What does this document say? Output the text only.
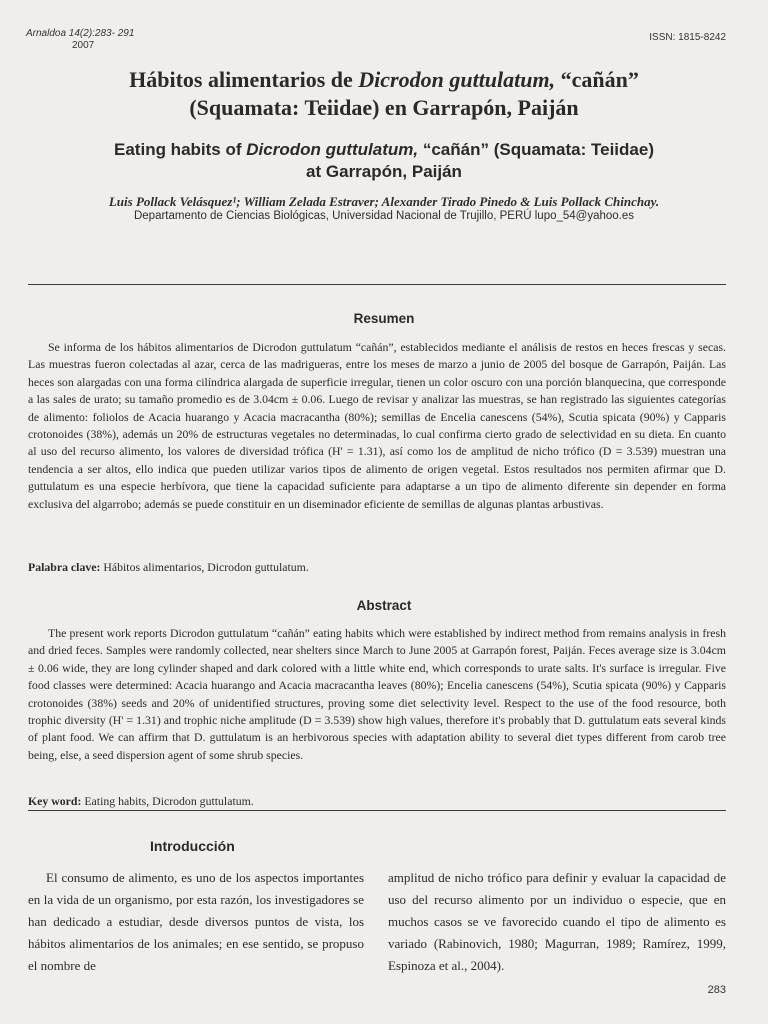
Arnaldoa 14(2):283- 291
2007
ISSN: 1815-8242
Hábitos alimentarios de Dicrodon guttulatum, “cañán”
(Squamata: Teiidae) en Garrapón, Paiján
Eating habits of Dicrodon guttulatum, “cañán” (Squamata: Teiidae)
at Garrapón, Paiján
Luis Pollack Velásquez¹; William Zelada Estraver; Alexander Tirado Pinedo & Luis Pollack Chinchay.
Departamento de Ciencias Biológicas, Universidad Nacional de Trujillo, PERÚ lupo_54@yahoo.es
Resumen
Se informa de los hábitos alimentarios de Dicrodon guttulatum “cañán”, establecidos mediante el análisis de restos en heces frescas y secas. Las muestras fueron colectadas al azar, cerca de las madrigueras, entre los meses de marzo a junio de 2005 del bosque de Garrapón, Paiján. Las heces son alargadas con una forma cilíndrica alargada de superficie irregular, tienen un color oscuro con una porción blanquecina, que corresponde a las sales de urato; su tamaño promedio es de 3.04cm ± 0.06. Luego de revisar y analizar las muestras, se han registrado las siguientes categorías de alimento: foliolos de Acacia huarango y Acacia macracantha (80%); semillas de Encelia canescens (54%), Scutia spicata (90%) y Capparis crotonoides (38%), además un 20% de estructuras vegetales no determinadas, lo cual confirma cierto grado de selectividad en su dieta. En cuanto al uso del recurso alimento, los valores de diversidad trófica (H' = 1.31), así como los de amplitud de nicho trófico (D = 3.539) muestran una tendencia a ser altos, ello indica que pueden utilizar varios tipos de alimento de origen vegetal. Estos resultados nos permiten afirmar que D. guttulatum es una especie herbívora, que tiene la capacidad suficiente para adaptarse a un tipo de alimento diferente sin depender en forma exclusiva del algarrobo; además se puede constituir en un diseminador eficiente de semillas de algunas plantas arbustivas.
Palabra clave: Hábitos alimentarios, Dicrodon guttulatum.
Abstract
The present work reports Dicrodon guttulatum “cañán” eating habits which were established by indirect method from remains analysis in fresh and dried feces. Samples were randomly collected, near shelters since March to June 2005 at Garrapón forest, Paiján. Feces average size is 3.04cm ± 0.06 wide, they are long cylinder shaped and dark colored with a little white end, which corresponds to urate salts. It's surface is irregular. Five food classes were determined: Acacia huarango and Acacia macracantha leaves (80%); Encelia canescens (54%), Scutia spicata (90%) y Capparis crotonoides (38%) seeds and 20% of unidentified structures, proving some diet selectivity level. Respect to the use of the food resource, both trophic diversity (H' = 1.31) and trophic niche amplitude (D = 3.539) show high values, therefore it's probably that D. guttulatum eats several kinds of plant food. We can affirm that D. guttulatum is an herbivorous species with adaptation ability to several diet types different from carob tree being, else, a seed dispersion agent of some shrub species.
Key word: Eating habits, Dicrodon guttulatum.
Introducción
El consumo de alimento, es uno de los aspectos importantes en la vida de un organismo, por esta razón, los investigadores se han dedicado a estudiar, desde diversos puntos de vista, los hábitos alimentarios de los animales; en ese sentido, se propuso el nombre de
amplitud de nicho trófico para definir y evaluar la capacidad de uso del recurso alimento por un individuo o especie, que en muchos casos se ve favorecido cuando el tipo de alimento es variado (Rabinovich, 1980; Magurran, 1989; Ramírez, 1999, Espinoza et al., 2004).
283
